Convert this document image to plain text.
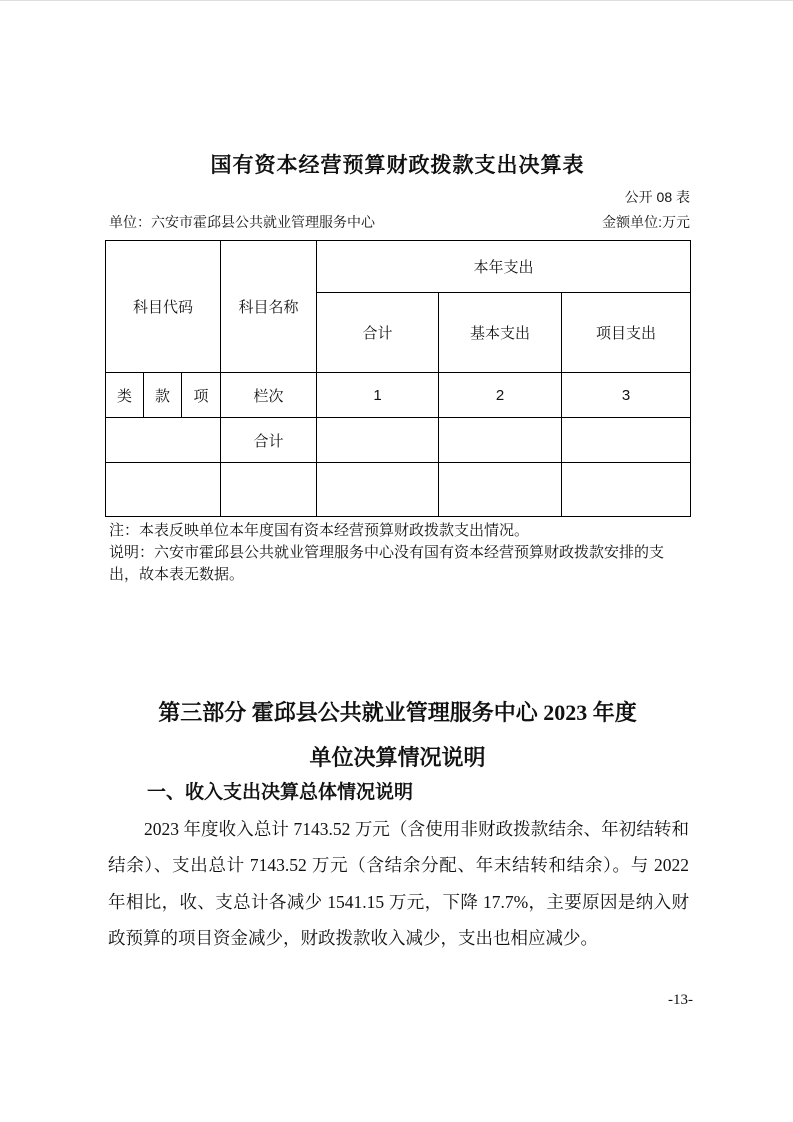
国有资本经营预算财政拨款支出决算表
公开 08 表
单位：六安市霍邱县公共就业管理服务中心	金额单位:万元
科目代码			科目名称	本年支出		
				合计	基本支出	项目支出
类	款	项	栏次	1	2	3
			合计			

注：本表反映单位本年度国有资本经营预算财政拨款支出情况。
说明：六安市霍邱县公共就业管理服务中心没有国有资本经营预算财政拨款安排的支出，故本表无数据。
第三部分 霍邱县公共就业管理服务中心 2023 年度
单位决算情况说明
一、收入支出决算总体情况说明
2023 年度收入总计 7143.52 万元（含使用非财政拨款结余、年初结转和结余）、支出总计 7143.52 万元（含结余分配、年末结转和结余）。与 2022 年相比，收、支总计各减少 1541.15 万元，下降 17.7%，主要原因是纳入财政预算的项目资金减少，财政拨款收入减少，支出也相应减少。
-13-
